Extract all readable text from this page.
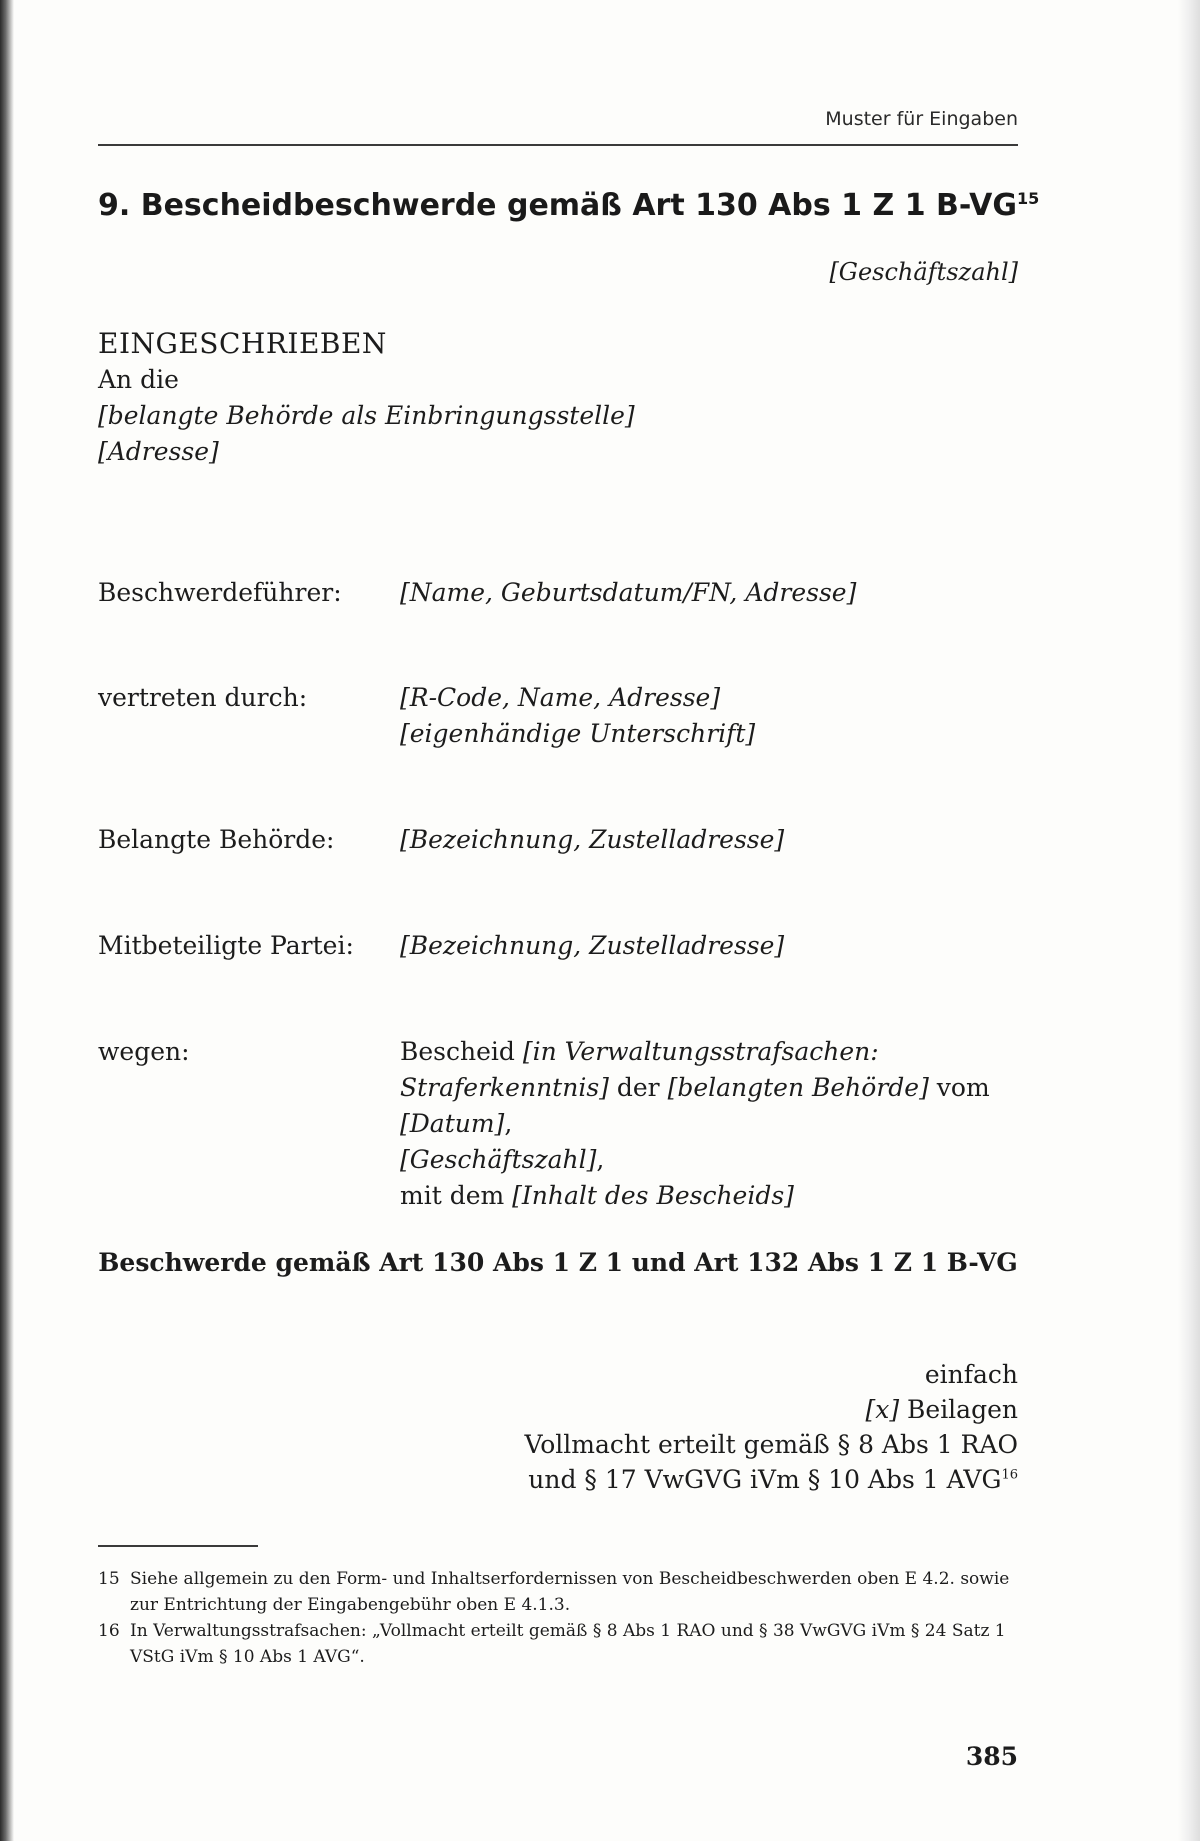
Muster für Eingaben
9. Bescheidbeschwerde gemäß Art 130 Abs 1 Z 1 B-VG$^{15}$
[Geschäftszahl]
EINGESCHRIEBEN
An die
[belangte Behörde als Einbringungsstelle]
[Adresse]
Beschwerdeführer: [Name, Geburtsdatum/FN, Adresse]
vertreten durch:	[R-Code, Name, Adresse]
[eigenhändige Unterschrift]
Belangte Behörde:	[Bezeichnung, Zustelladresse]
Mitbeteiligte Partei: [Bezeichnung, Zustelladresse]
wegen:	Bescheid [in Verwaltungsstrafsachen: Straferkenntnis] der [belangten Behörde] vom [Datum],
[Geschäftszahl],
mit dem [Inhalt des Bescheids]
Beschwerde gemäß Art 130 Abs 1 Z 1 und Art 132 Abs 1 Z 1 B-VG
einfach
[x] Beilagen
Vollmacht erteilt gemäß § 8 Abs 1 RAO
und § 17 VwGVG iVm § 10 Abs 1 AVG$^{16}$

15 Siehe allgemein zu den Form- und Inhaltserfordernissen von Bescheidbeschwerden oben E 4.2. sowie zur Entrichtung der Eingabengebühr oben E 4.1.3.

16 In Verwaltungsstrafsachen: „Vollmacht erteilt gemäß § 8 Abs 1 RAO und § 38 VwGVG iVm § 24 Satz 1 VStG iVm § 10 Abs 1 AVG“.

385
